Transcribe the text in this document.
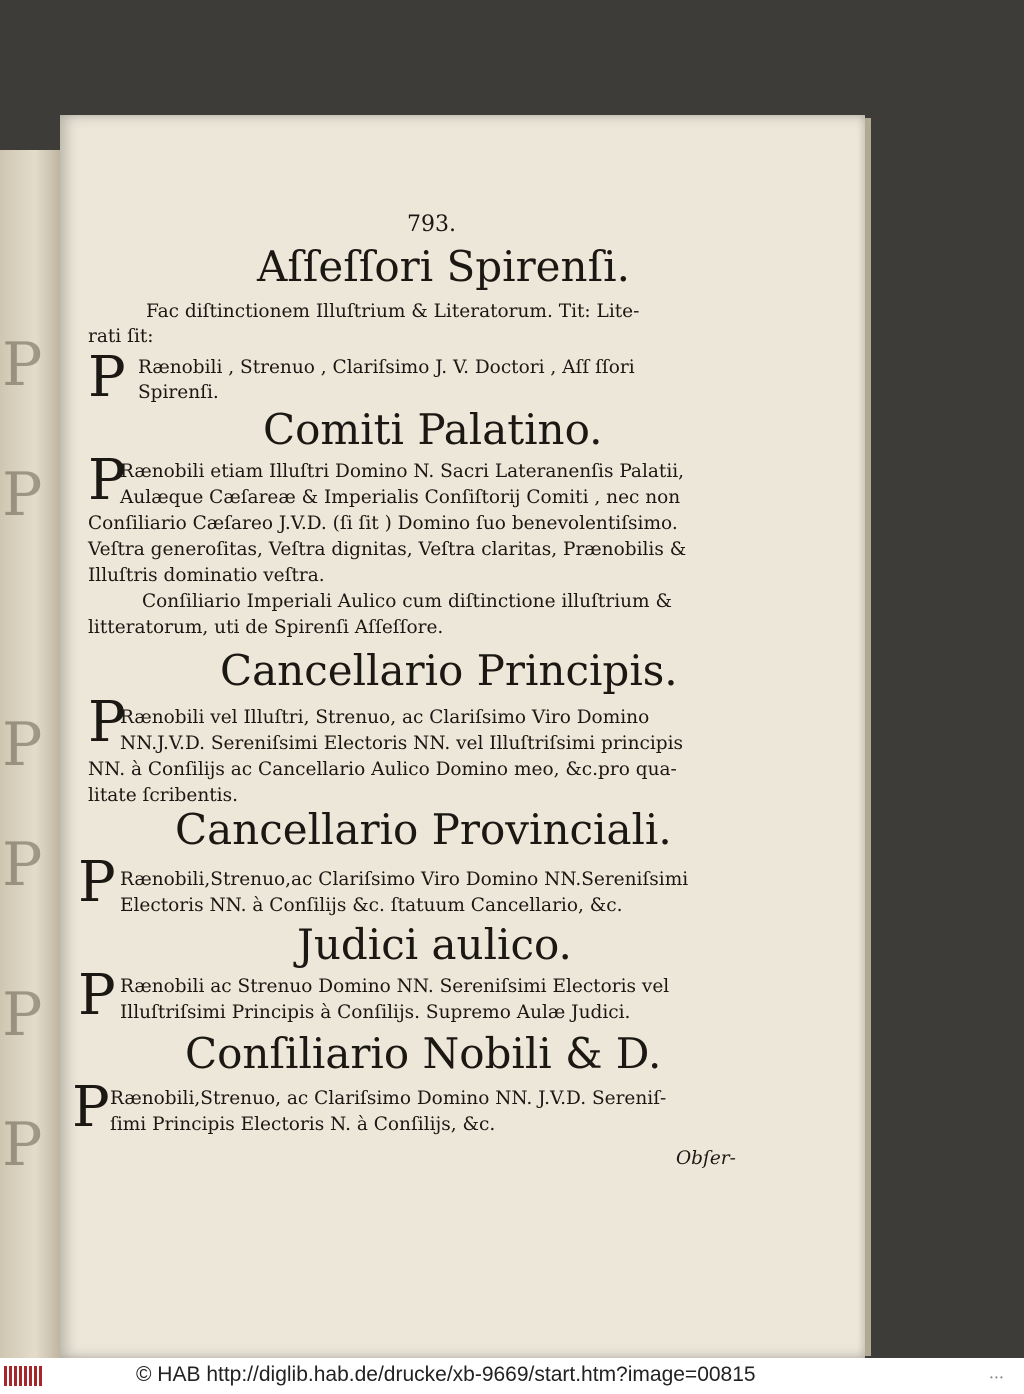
P
P
P
P
P
P
793.
Aſſeſſori Spirenſi.
Fac diſtinctionem Illuſtrium & Literatorum. Tit: Lite-
rati ſit:
P Rænobili , Strenuo , Clariſsimo J. V. Doctori , Aſſ ſſori
Spirenſi.
Comiti Palatino.
P
Rænobili etiam Illuſtri Domino N. Sacri Lateranenſis Palatii,
Aulæque Cæſareæ & Imperialis Conſiſtorij Comiti , nec non
Conſiliario Cæſareo J.V.D. (ſi ſit ) Domino ſuo benevolentiſsimo.
Veſtra generoſitas, Veſtra dignitas, Veſtra claritas, Prænobilis &
Illuſtris dominatio veſtra.
Conſiliario Imperiali Aulico cum diſtinctione illuſtrium &
litteratorum, uti de Spirenſi Aſſeſſore.
Cancellario Principis.
P
Rænobili vel Illuſtri, Strenuo, ac Clariſsimo Viro Domino
NN.J.V.D. Sereniſsimi Electoris NN. vel Illuſtriſsimi principis
NN. à Conſilijs ac Cancellario Aulico Domino meo, &c.pro qua-
litate ſcribentis.
Cancellario Provinciali.
P Rænobili,Strenuo,ac Clariſsimo Viro Domino NN.Sereniſsimi
Electoris NN. à Conſilijs &c. ſtatuum Cancellario, &c.
Judici aulico.
P Rænobili ac Strenuo Domino NN. Sereniſsimi Electoris vel
Illuſtriſsimi Principis à Conſilijs. Supremo Aulæ Judici.
Conſiliario Nobili & D.
P Rænobili,Strenuo, ac Clariſsimo Domino NN. J.V.D. Sereniſ-
ſimi Principis Electoris N. à Conſilijs, &c.
Obſer-
© HAB http://diglib.hab.de/drucke/xb-9669/start.htm?image=00815	• • •
